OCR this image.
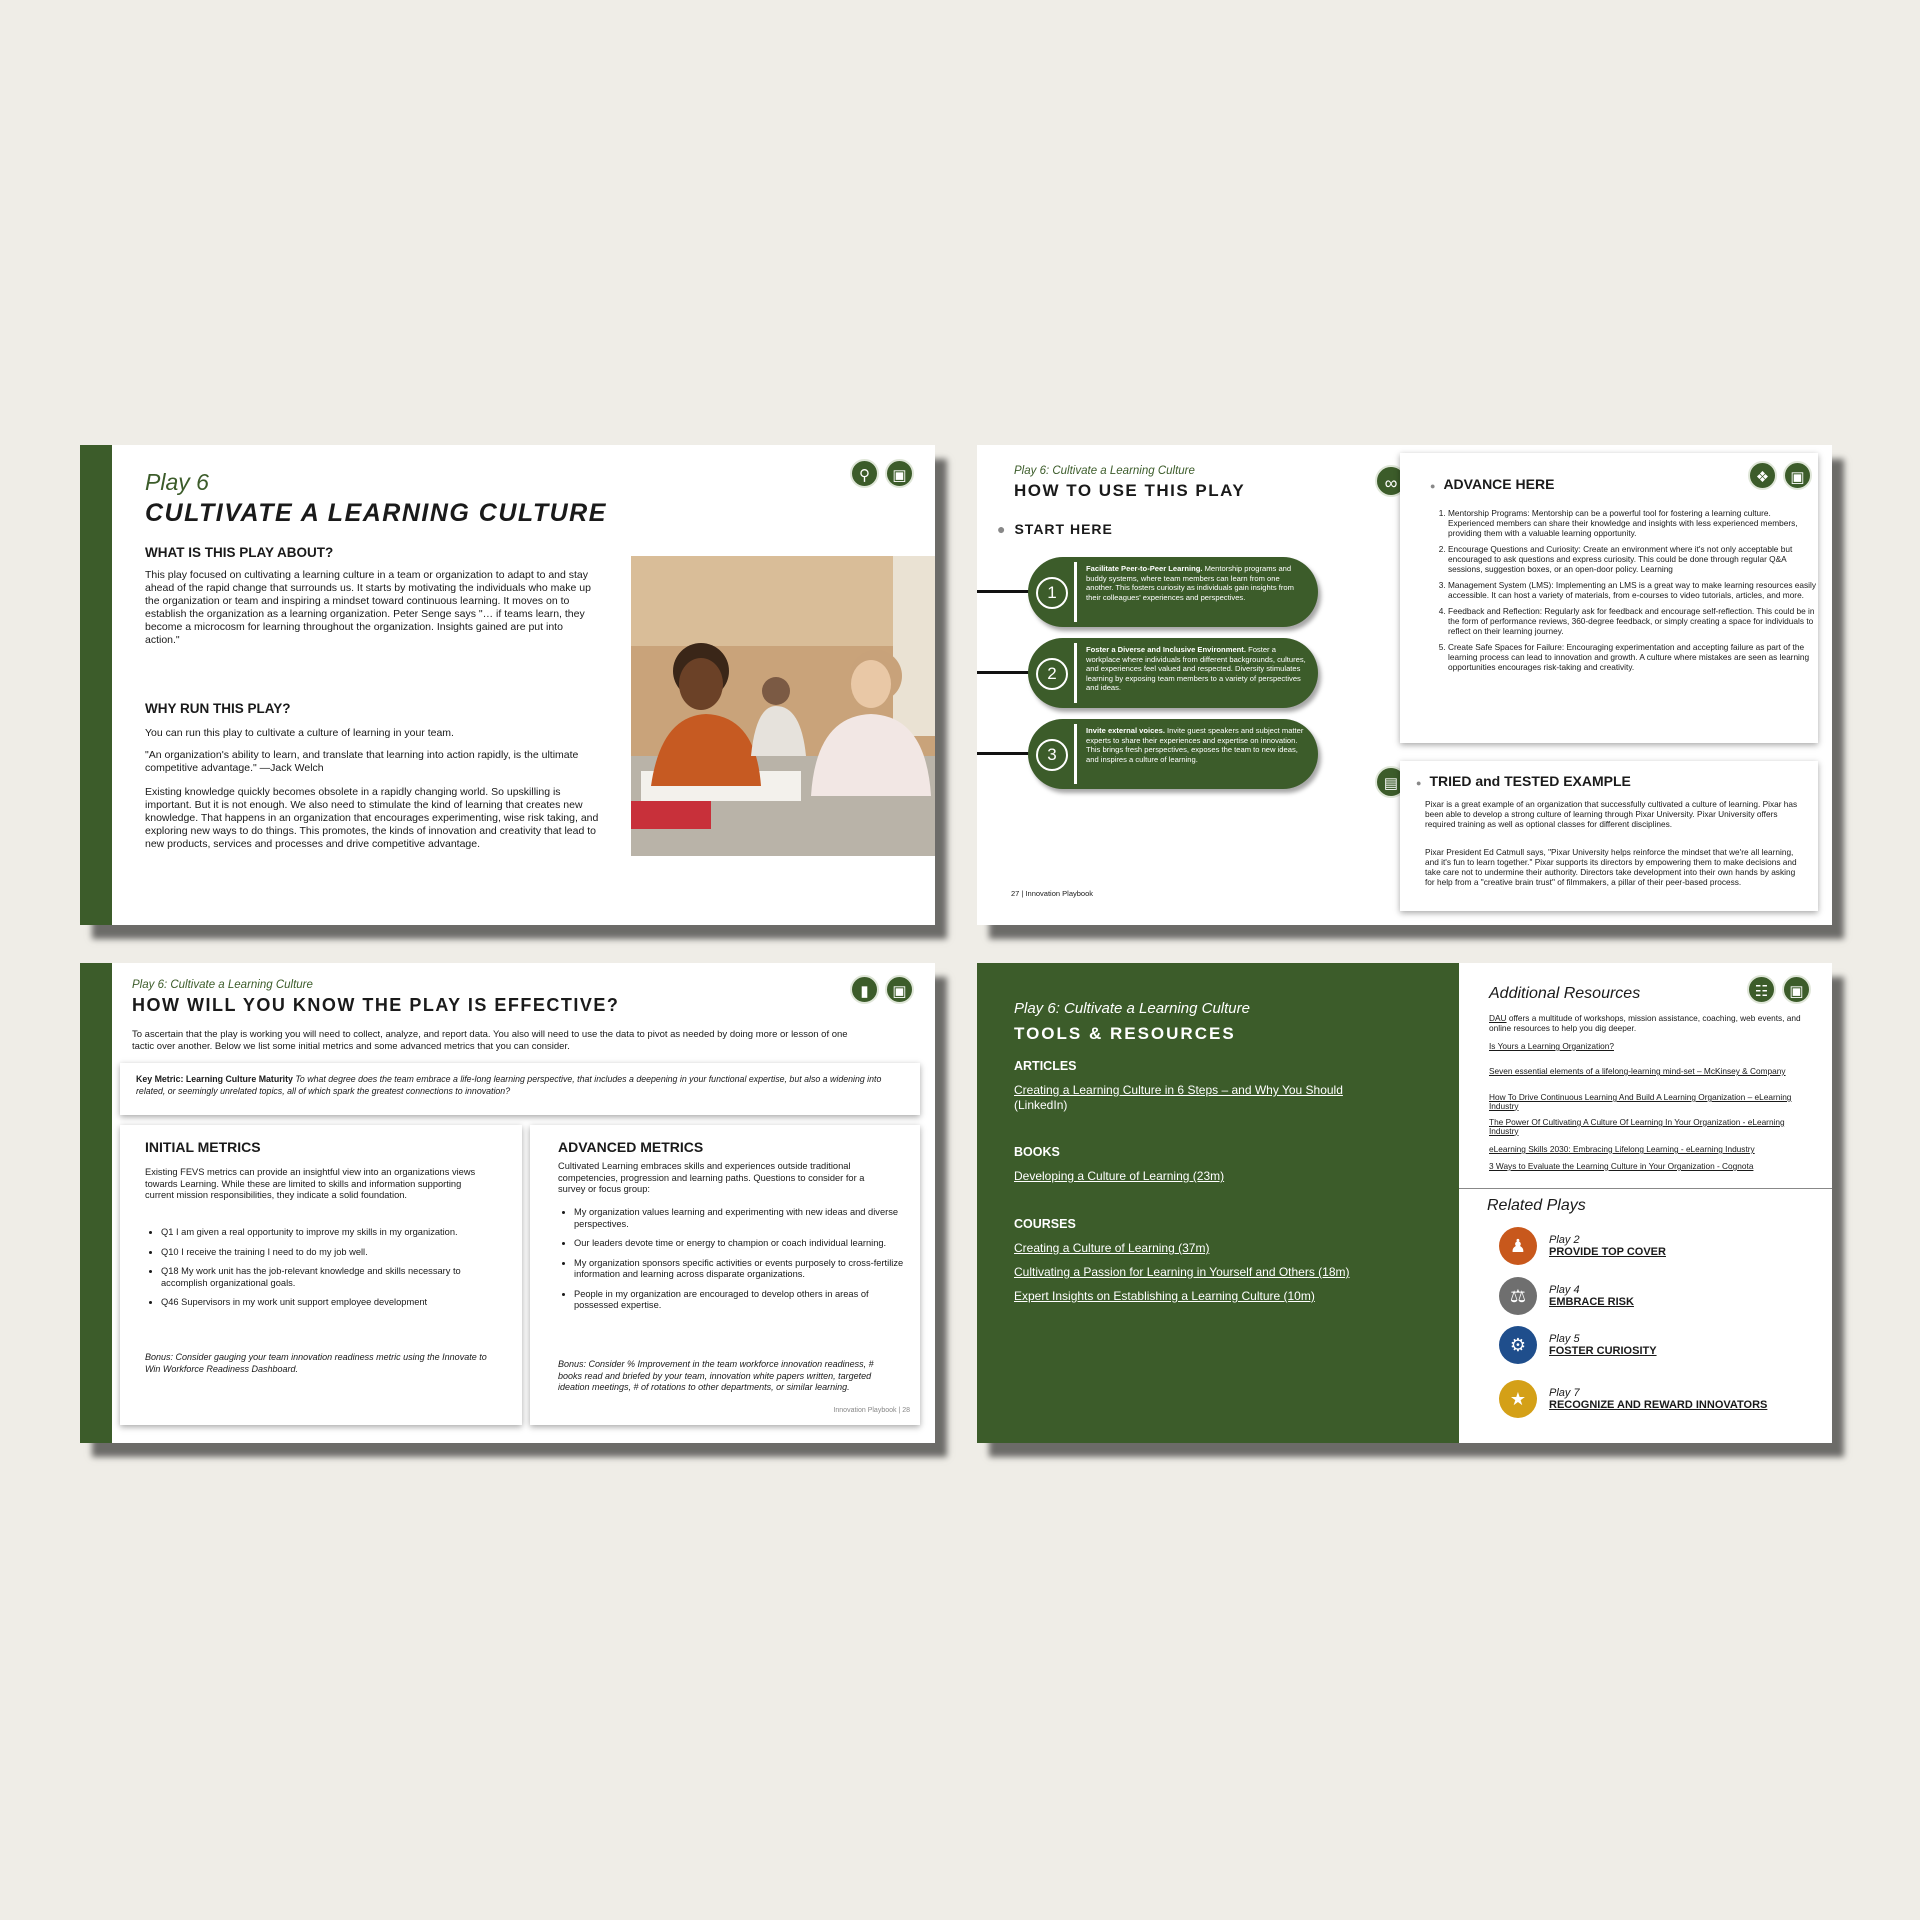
Play 6
CULTIVATE A LEARNING CULTURE
⚲	▣
WHAT IS THIS PLAY ABOUT?

This play focused on cultivating a learning culture in a team or organization to adapt to and stay ahead of the rapid change that surrounds us. It starts by motivating the individuals who make up the organization or team and inspiring a mindset toward continuous learning. It moves on to establish the organization as a learning organization. Peter Senge says "… if teams learn, they become a microcosm for learning throughout the organization. Insights gained are put into action."

WHY RUN THIS PLAY?

You can run this play to cultivate a culture of learning in your team.

"An organization's ability to learn, and translate that learning into action rapidly, is the ultimate competitive advantage." —Jack Welch

Existing knowledge quickly becomes obsolete in a rapidly changing world. So upskilling is important. But it is not enough. We also need to stimulate the kind of learning that creates new knowledge. That happens in an organization that encourages experimenting, wise risk taking, and exploring new ways to do things. This promotes, the kinds of innovation and creativity that lead to new products, services and processes and drive competitive advantage.

Play 6: Cultivate a Learning Culture
HOW TO USE THIS PLAY
● START HERE
1
Facilitate Peer-to-Peer Learning. Mentorship programs and buddy systems, where team members can learn from one another. This fosters curiosity as individuals gain insights from their colleagues' experiences and perspectives.
2
Foster a Diverse and Inclusive Environment. Foster a workplace where individuals from different backgrounds, cultures, and experiences feel valued and respected. Diversity stimulates learning by exposing team members to a variety of perspectives and ideas.
3
Invite external voices. Invite guest speakers and subject matter experts to share their experiences and expertise on innovation. This brings fresh perspectives, exposes the team to new ideas, and inspires a culture of learning.
27 | Innovation Playbook
∞	● ADVANCE HERE	❖	▣
1. Mentorship Programs: Mentorship can be a powerful tool for fostering a learning culture. Experienced members can share their knowledge and insights with less experienced members, providing them with a valuable learning opportunity.
2. Encourage Questions and Curiosity: Create an environment where it's not only acceptable but encouraged to ask questions and express curiosity. This could be done through regular Q&A sessions, suggestion boxes, or an open-door policy. Learning
3. Management System (LMS): Implementing an LMS is a great way to make learning resources easily accessible. It can host a variety of materials, from e-courses to video tutorials, articles, and more.
4. Feedback and Reflection: Regularly ask for feedback and encourage self-reflection. This could be in the form of performance reviews, 360-degree feedback, or simply creating a space for individuals to reflect on their learning journey.
5. Create Safe Spaces for Failure: Encouraging experimentation and accepting failure as part of the learning process can lead to innovation and growth. A culture where mistakes are seen as learning opportunities encourages risk-taking and creativity.
▤	● TRIED and TESTED EXAMPLE

Pixar is a great example of an organization that successfully cultivated a culture of learning. Pixar has been able to develop a strong culture of learning through Pixar University. Pixar University offers required training as well as optional classes for different disciplines.

Pixar President Ed Catmull says, "Pixar University helps reinforce the mindset that we're all learning, and it's fun to learn together." Pixar supports its directors by empowering them to make decisions and take care not to undermine their authority. Directors take development into their own hands by asking for help from a "creative brain trust" of filmmakers, a pillar of their peer-based process.

Play 6: Cultivate a Learning Culture
HOW WILL YOU KNOW THE PLAY IS EFFECTIVE?
▮	▣

To ascertain that the play is working you will need to collect, analyze, and report data. You also will need to use the data to pivot as needed by doing more or lesson of one tactic over another. Below we list some initial metrics and some advanced metrics that you can consider.

Key Metric: Learning Culture Maturity To what degree does the team embrace a life-long learning perspective, that includes a deepening in your functional expertise, but also a widening into related, or seemingly unrelated topics, all of which spark the greatest connections to innovation?
INITIAL METRICS

Existing FEVS metrics can provide an insightful view into an organizations views towards Learning. While these are limited to skills and information supporting current mission responsibilities, they indicate a solid foundation.

• Q1 I am given a real opportunity to improve my skills in my organization.
• Q10 I receive the training I need to do my job well.
• Q18 My work unit has the job-relevant knowledge and skills necessary to accomplish organizational goals.
• Q46 Supervisors in my work unit support employee development

Bonus: Consider gauging your team innovation readiness metric using the Innovate to Win Workforce Readiness Dashboard.

ADVANCED METRICS

Cultivated Learning embraces skills and experiences outside traditional competencies, progression and learning paths. Questions to consider for a survey or focus group:

• My organization values learning and experimenting with new ideas and diverse perspectives.
• Our leaders devote time or energy to champion or coach individual learning.
• My organization sponsors specific activities or events purposely to cross-fertilize information and learning across disparate organizations.
• People in my organization are encouraged to develop others in areas of possessed expertise.

Bonus: Consider % Improvement in the team workforce innovation readiness, # books read and briefed by your team, innovation white papers written, targeted ideation meetings, # of rotations to other departments, or similar learning.

Innovation Playbook | 28
Play 6: Cultivate a Learning Culture
TOOLS & RESOURCES
ARTICLES
Creating a Learning Culture in 6 Steps – and Why You Should (LinkedIn)
BOOKS
Developing a Culture of Learning (23m)
COURSES
Creating a Culture of Learning (37m)
Cultivating a Passion for Learning in Yourself and Others (18m)
Expert Insights on Establishing a Learning Culture (10m)
Additional Resources	☷	▣
DAU offers a multitude of workshops, mission assistance, coaching, web events, and online resources to help you dig deeper.
Is Yours a Learning Organization?
Seven essential elements of a lifelong-learning mind-set – McKinsey & Company
How To Drive Continuous Learning And Build A Learning Organization – eLearning Industry
The Power Of Cultivating A Culture Of Learning In Your Organization - eLearning Industry
eLearning Skills 2030: Embracing Lifelong Learning - eLearning Industry
3 Ways to Evaluate the Learning Culture in Your Organization - Cognota
Related Plays
♟	Play 2
PROVIDE TOP COVER
⚖	Play 4
EMBRACE RISK
⚙	Play 5
FOSTER CURIOSITY
★	Play 7
RECOGNIZE AND REWARD INNOVATORS
